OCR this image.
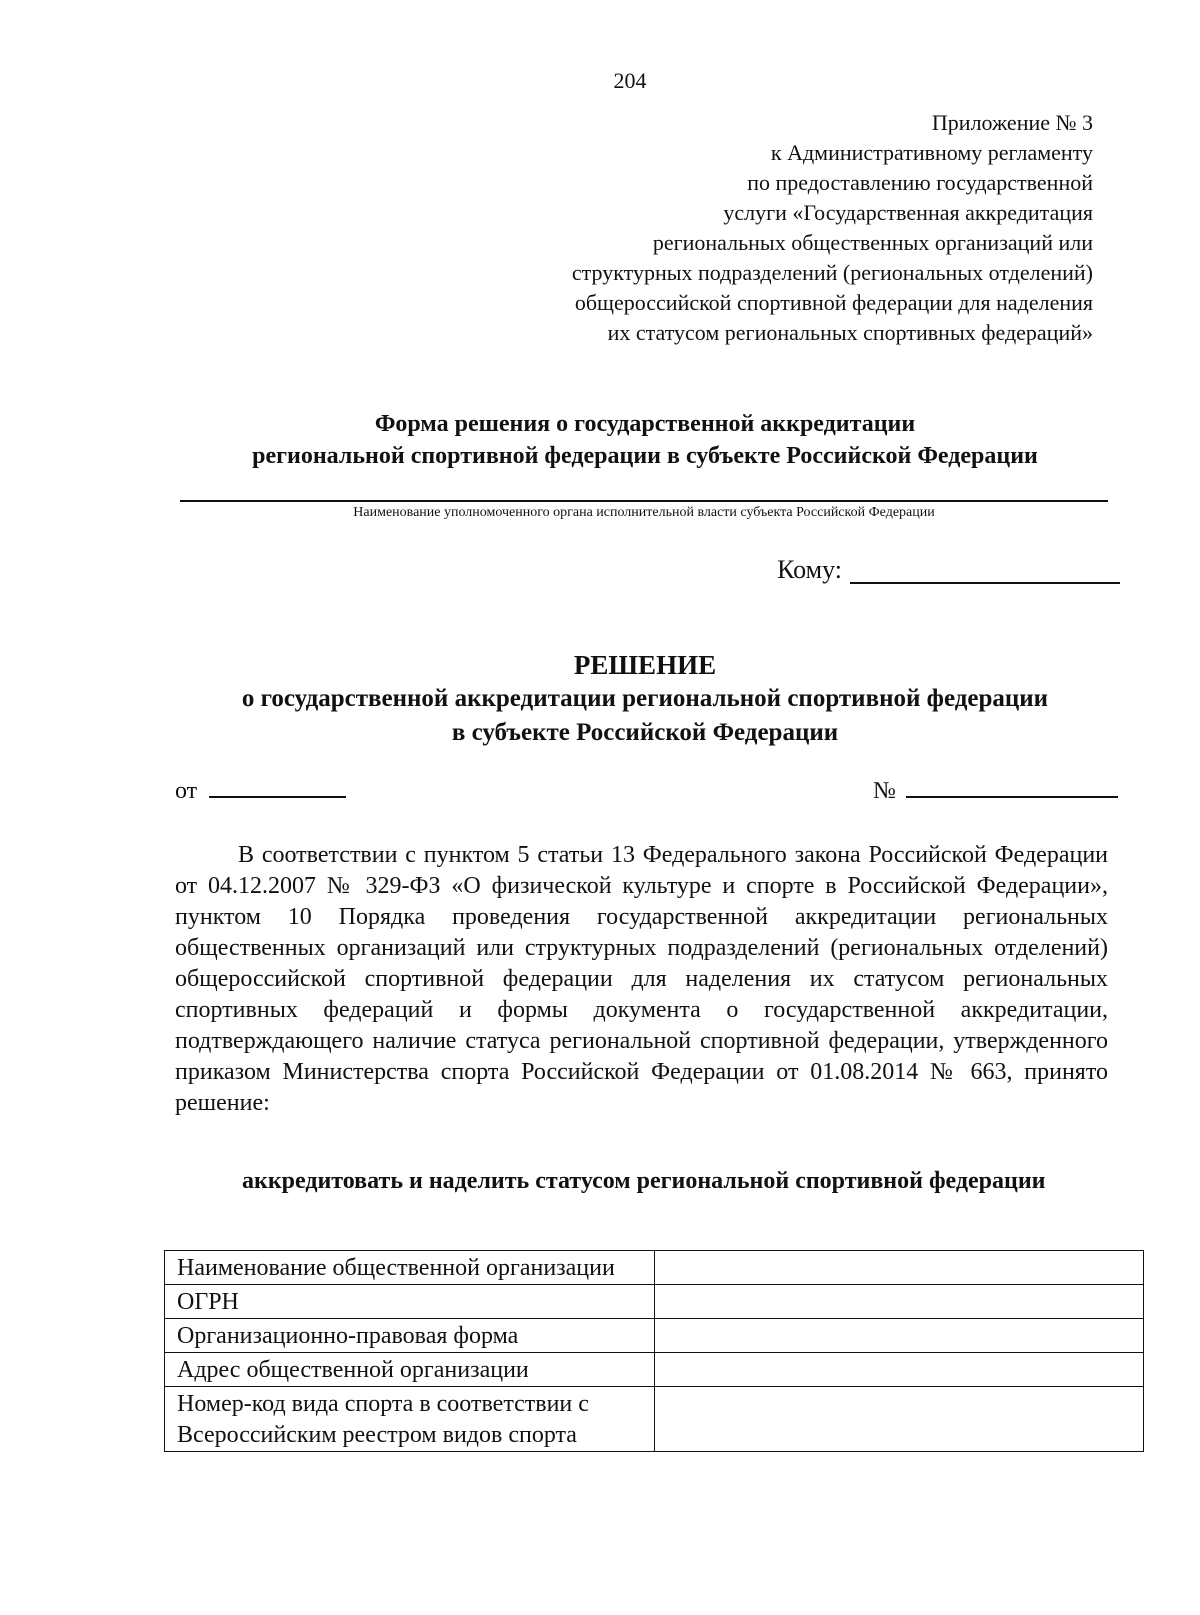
204
Приложение № 3
к Административному регламенту
по предоставлению государственной
услуги «Государственная аккредитация
региональных общественных организаций или
структурных подразделений (региональных отделений)
общероссийской спортивной федерации для наделения
их статусом региональных спортивных федераций»
Форма решения о государственной аккредитации
региональной спортивной федерации в субъекте Российской Федерации
Наименование уполномоченного органа исполнительной власти субъекта Российской Федерации
Кому:
РЕШЕНИЕ
о государственной аккредитации региональной спортивной федерации
в субъекте Российской Федерации
от	№

В соответствии с пунктом 5 статьи 13 Федерального закона Российской Федерации от 04.12.2007 № 329-ФЗ «О физической культуре и спорте в Российской Федерации», пунктом 10 Порядка проведения государственной аккредитации региональных общественных организаций или структурных подразделений (региональных отделений) общероссийской спортивной федерации для наделения их статусом региональных спортивных федераций и формы документа о государственной аккредитации, подтверждающего наличие статуса региональной спортивной федерации, утвержденного приказом Министерства спорта Российской Федерации от 01.08.2014 № 663, принято решение:

аккредитовать и наделить статусом региональной спортивной федерации
Наименование общественной организации	
ОГРН	
Организационно-правовая форма	
Адрес общественной организации	
Номер-код вида спорта в соответствии с Всероссийским реестром видов спорта	
